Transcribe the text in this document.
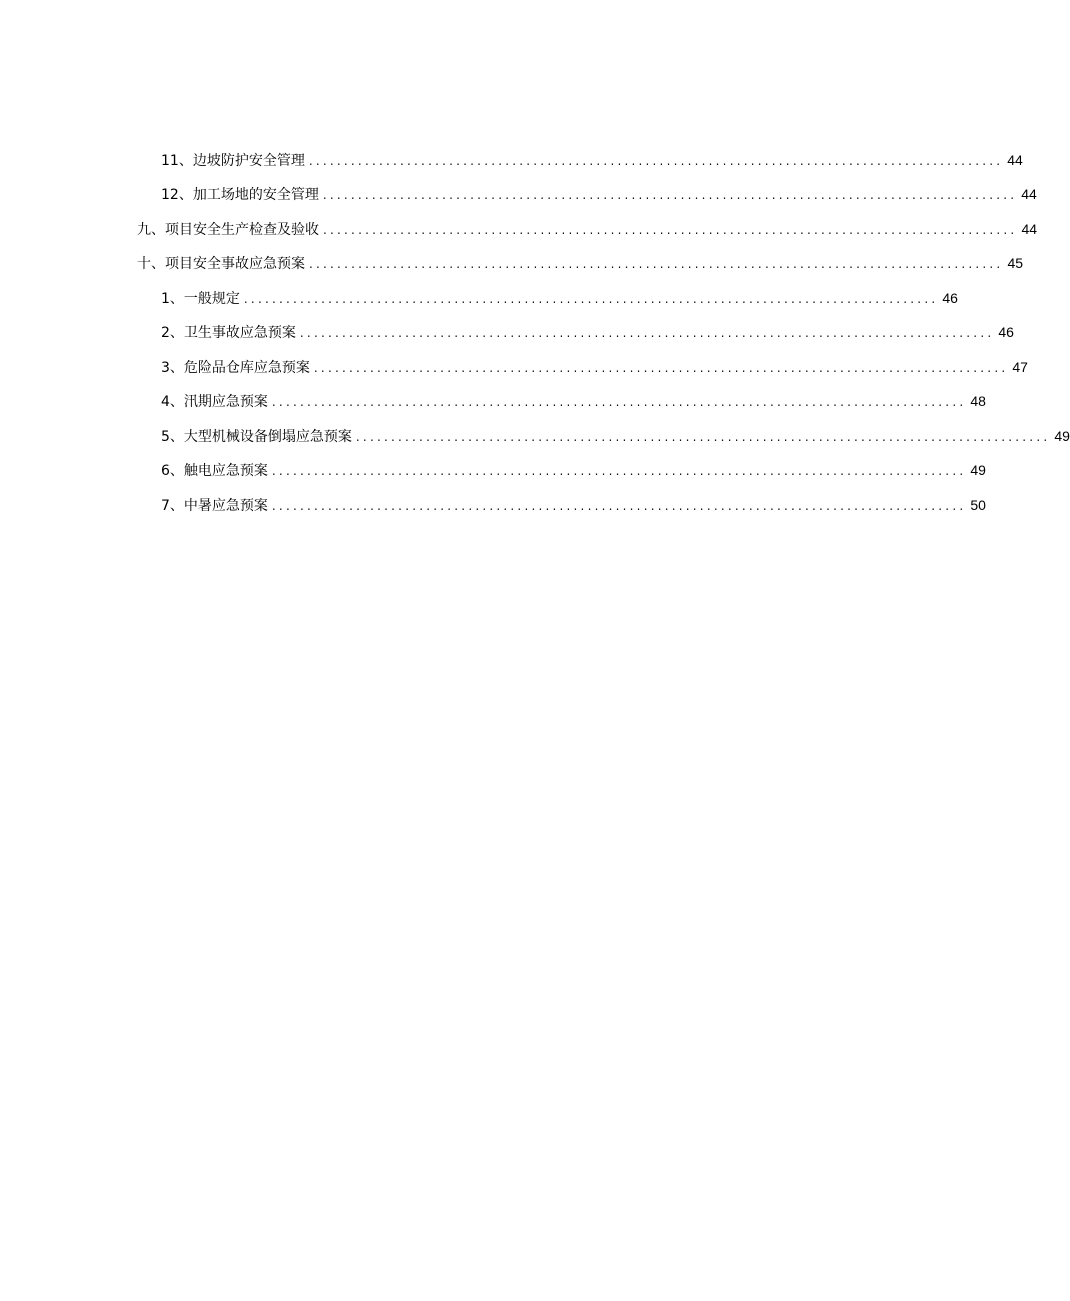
11、边坡防护安全管理 ................................................................................................... 44
12、加工场地的安全管理 ................................................................................................... 44
九、项目安全生产检查及验收 ................................................................................................... 44
十、项目安全事故应急预案 ................................................................................................... 45
1、一般规定 ................................................................................................... 46
2、卫生事故应急预案 ................................................................................................... 46
3、危险品仓库应急预案 ................................................................................................... 47
4、汛期应急预案 ................................................................................................... 48
5、大型机械设备倒塌应急预案 ................................................................................................... 49
6、触电应急预案 ................................................................................................... 49
7、中暑应急预案 ................................................................................................... 50
